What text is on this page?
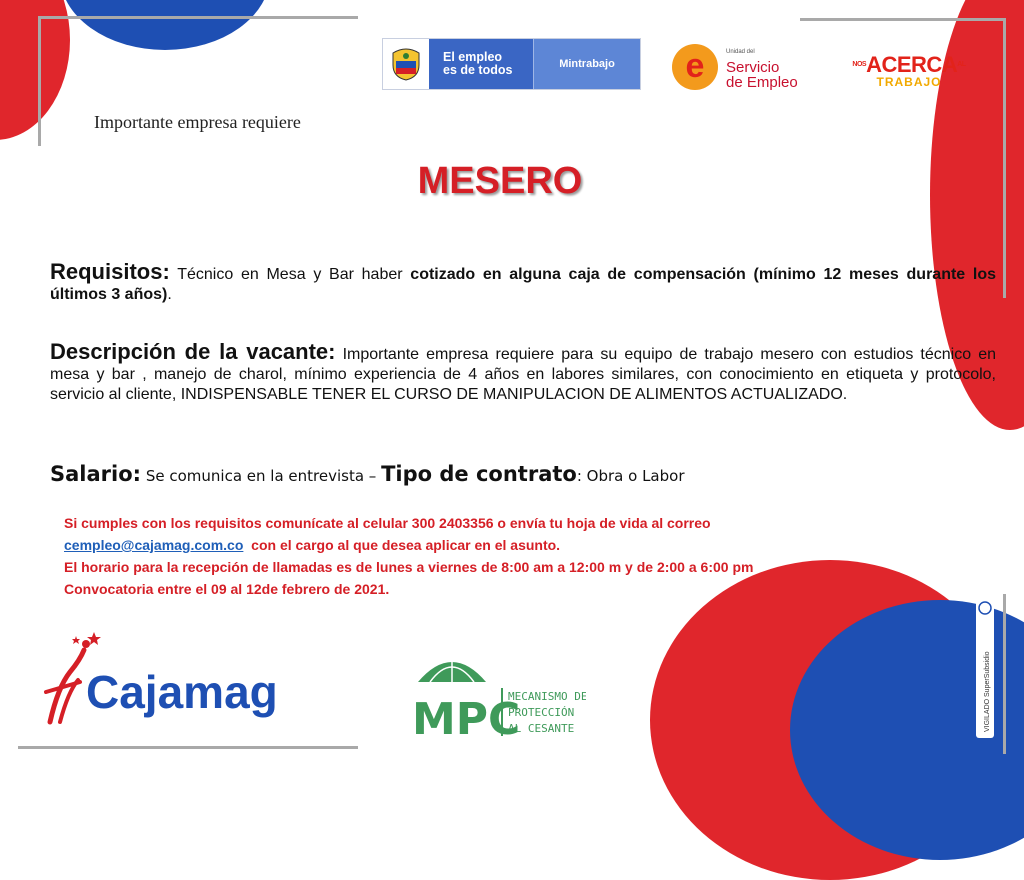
El empleo
es de todos	Mintrabajo	e	Unidad del
Servicio
de Empleo
$^{NOS}ACERCA^{AL}$
TRABAJO
Importante empresa requiere
MESERO
Requisitos: Técnico en Mesa y Bar haber cotizado en alguna caja de compensación (mínimo 12 meses durante los últimos 3 años).
Descripción de la vacante: Importante empresa requiere para su equipo de trabajo mesero con estudios técnico en mesa y bar , manejo de charol, mínimo experiencia de 4 años en labores similares, con conocimiento en etiqueta y protocolo, servicio al cliente, INDISPENSABLE TENER EL CURSO DE MANIPULACION DE ALIMENTOS ACTUALIZADO.
Salario: Se comunica en la entrevista – Tipo de contrato: Obra o Labor
Si cumples con los requisitos comunícate al celular 300 2403356 o envía tu hoja de vida al correo
cempleo@cajamag.com.co con el cargo al que desea aplicar en el asunto.
El horario para la recepción de llamadas es de lunes a viernes de 8:00 am a 12:00 m y de 2:00 a 6:00 pm
Convocatoria entre el 09 al 12de febrero de 2021.
Cajamag
MPC
MECANISMO DE
PROTECCIÓN
AL CESANTE	VIGILADO SuperSubsidio
